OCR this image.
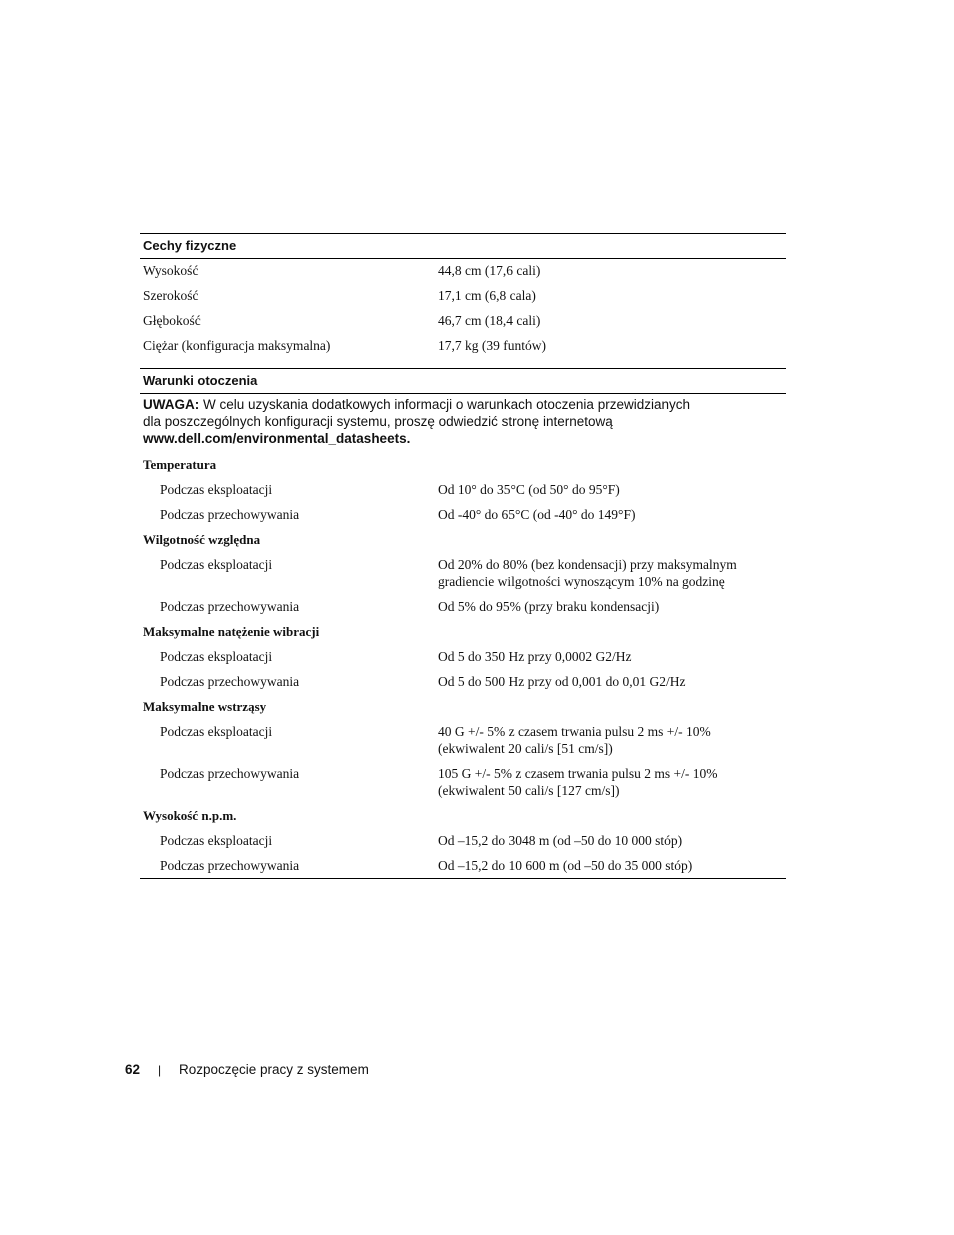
Cechy fizyczne
Wysokość	44,8 cm (17,6 cali)
Szerokość	17,1 cm (6,8 cala)
Głębokość	46,7 cm (18,4 cali)
Ciężar (konfiguracja maksymalna)	17,7 kg (39 funtów)
Warunki otoczenia
UWAGA: W celu uzyskania dodatkowych informacji o warunkach otoczenia przewidzianych
dla poszczególnych konfiguracji systemu, proszę odwiedzić stronę internetową
www.dell.com/environmental_datasheets.
Temperatura
Podczas eksploatacji	Od 10° do 35°C (od 50° do 95°F)
Podczas przechowywania	Od -40° do 65°C (od -40° do 149°F)
Wilgotność względna
Podczas eksploatacji	Od 20% do 80% (bez kondensacji) przy maksymalnym
gradiencie wilgotności wynoszącym 10% na godzinę
Podczas przechowywania	Od 5% do 95% (przy braku kondensacji)
Maksymalne natężenie wibracji
Podczas eksploatacji	Od 5 do 350 Hz przy 0,0002 G2/Hz
Podczas przechowywania	Od 5 do 500 Hz przy od 0,001 do 0,01 G2/Hz
Maksymalne wstrząsy
Podczas eksploatacji	40 G +/- 5% z czasem trwania pulsu 2 ms +/- 10%
(ekwiwalent 20 cali/s [51 cm/s])
Podczas przechowywania	105 G +/- 5% z czasem trwania pulsu 2 ms +/- 10%
(ekwiwalent 50 cali/s [127 cm/s])
Wysokość n.p.m.
Podczas eksploatacji	Od –15,2 do 3048 m (od –50 do 10 000 stóp)
Podczas przechowywania	Od –15,2 do 10 600 m (od –50 do 35 000 stóp)
62 | Rozpoczęcie pracy z systemem
